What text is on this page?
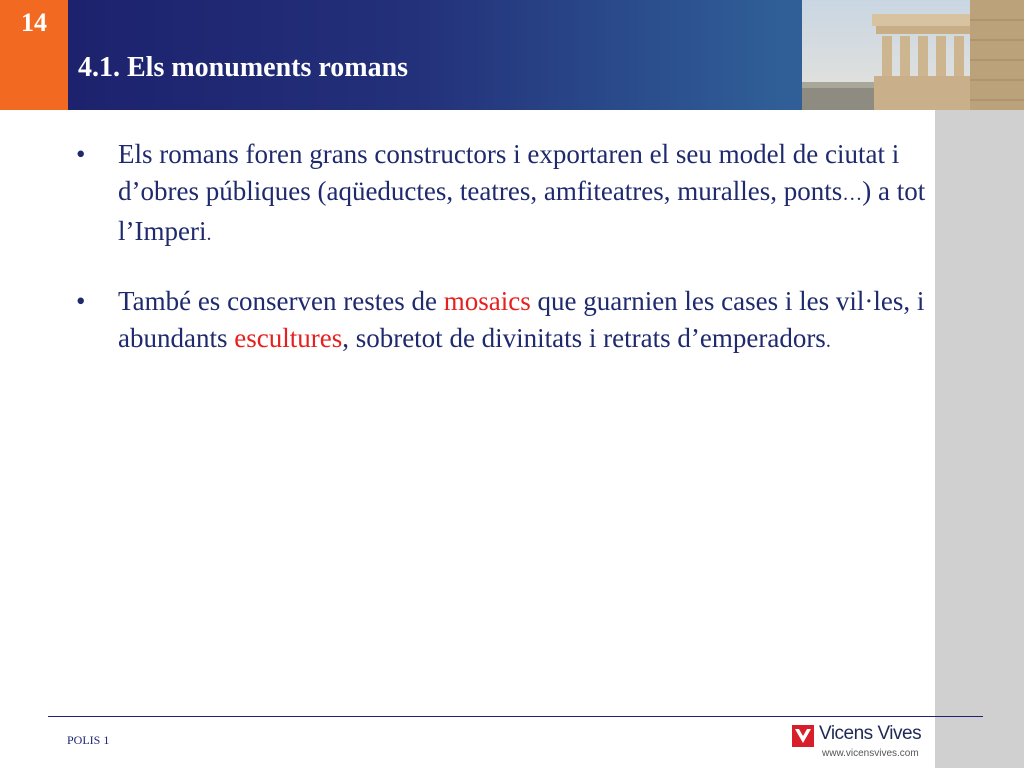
14
4.1. Els monuments romans
• Els romans foren grans constructors i exportaren el seu model de ciutat i d’obres públiques (aqüeductes, teatres, amfiteatres, muralles, ponts…) a tot l’Imperi.
• També es conserven restes de mosaics que guarnien les cases i les vil·les, i abundants escultures, sobretot de divinitats i retrats d’emperadors.
POLIS 1	Vicens Vives
www.vicensvives.com
